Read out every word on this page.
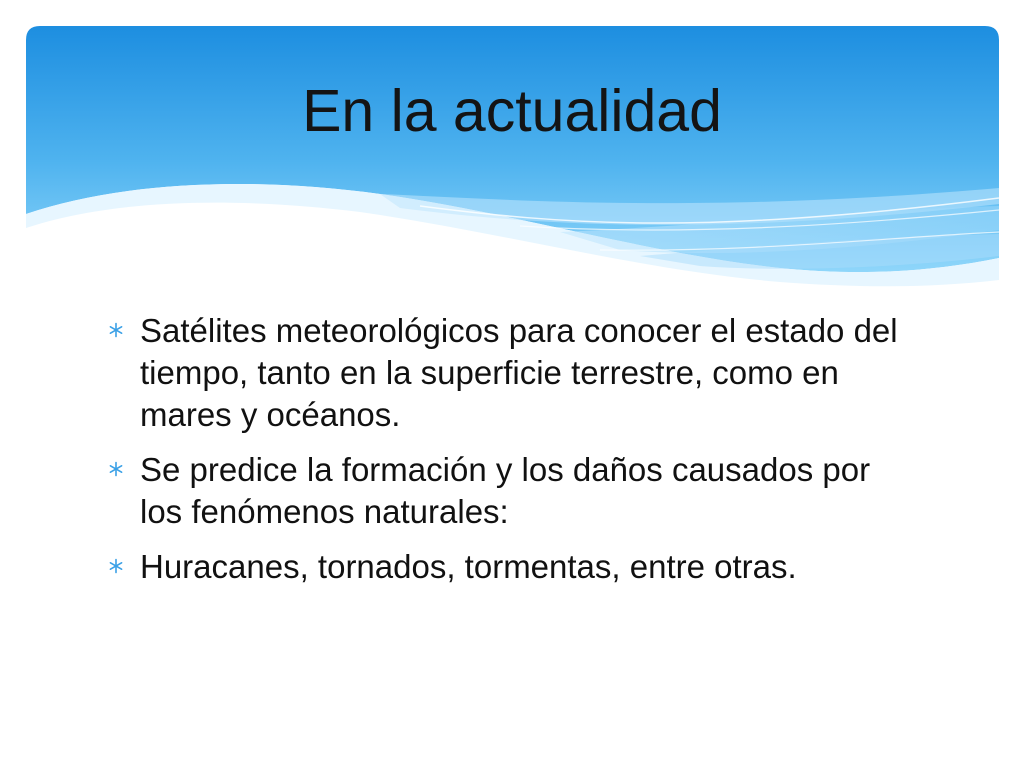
En la actualidad
Satélites meteorológicos para conocer el estado del tiempo, tanto en la superficie terrestre, como en mares y océanos.
Se predice la formación y los daños causados por los fenómenos naturales:
Huracanes, tornados, tormentas, entre otras.
